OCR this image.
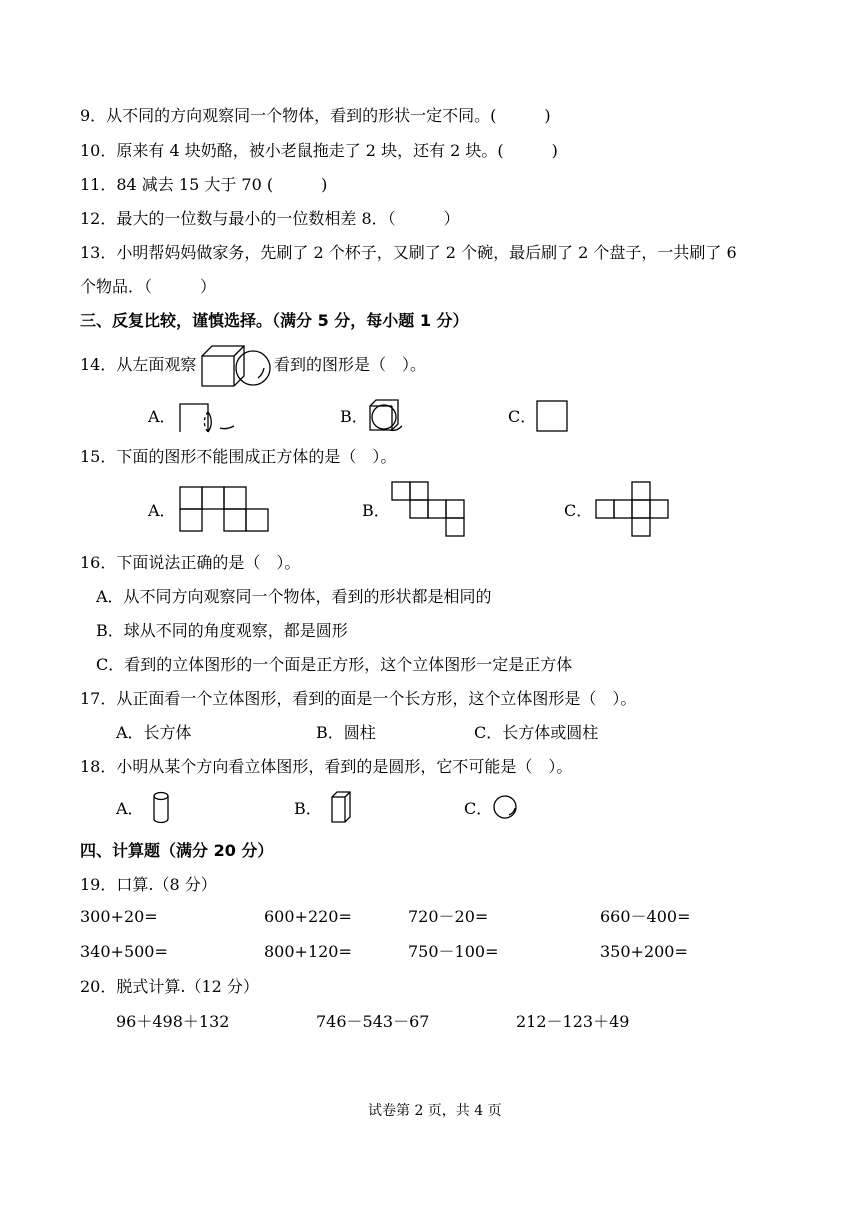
9．从不同的方向观察同一个物体，看到的形状一定不同。(　　　)
10．原来有 4 块奶酪，被小老鼠拖走了 2 块，还有 2 块。(　　　)
11．84 减去 15 大于 70 (　　　)
12．最大的一位数与最小的一位数相差 8．（　　　）
13．小明帮妈妈做家务，先刷了 2 个杯子，又刷了 2 个碗，最后刷了 2 个盘子，一共刷了 6
个物品．（　　　）
三、反复比较，谨慎选择。（满分 5 分，每小题 1 分）
14．从左面观察	看到的图形是（　）。
A．	B．	C．
15．下面的图形不能围成正方体的是（　）。
A．	B．	C．
16．下面说法正确的是（　）。
A．从不同方向观察同一个物体，看到的形状都是相同的
B．球从不同的角度观察，都是圆形
C．看到的立体图形的一个面是正方形，这个立体图形一定是正方体
17．从正面看一个立体图形，看到的面是一个长方形，这个立体图形是（　）。
A．长方体	B．圆柱	C．长方体或圆柱
18．小明从某个方向看立体图形，看到的是圆形，它不可能是（　）。
A．	B．	C．
四、计算题（满分 20 分）
19．口算.（8 分）
300+20=	600+220=	720－20=	660－400=
340+500=	800+120=	750－100=	350+200=
20．脱式计算.（12 分）
96＋498＋132	746－543－67	212－123＋49
试卷第 2 页，共 4 页
